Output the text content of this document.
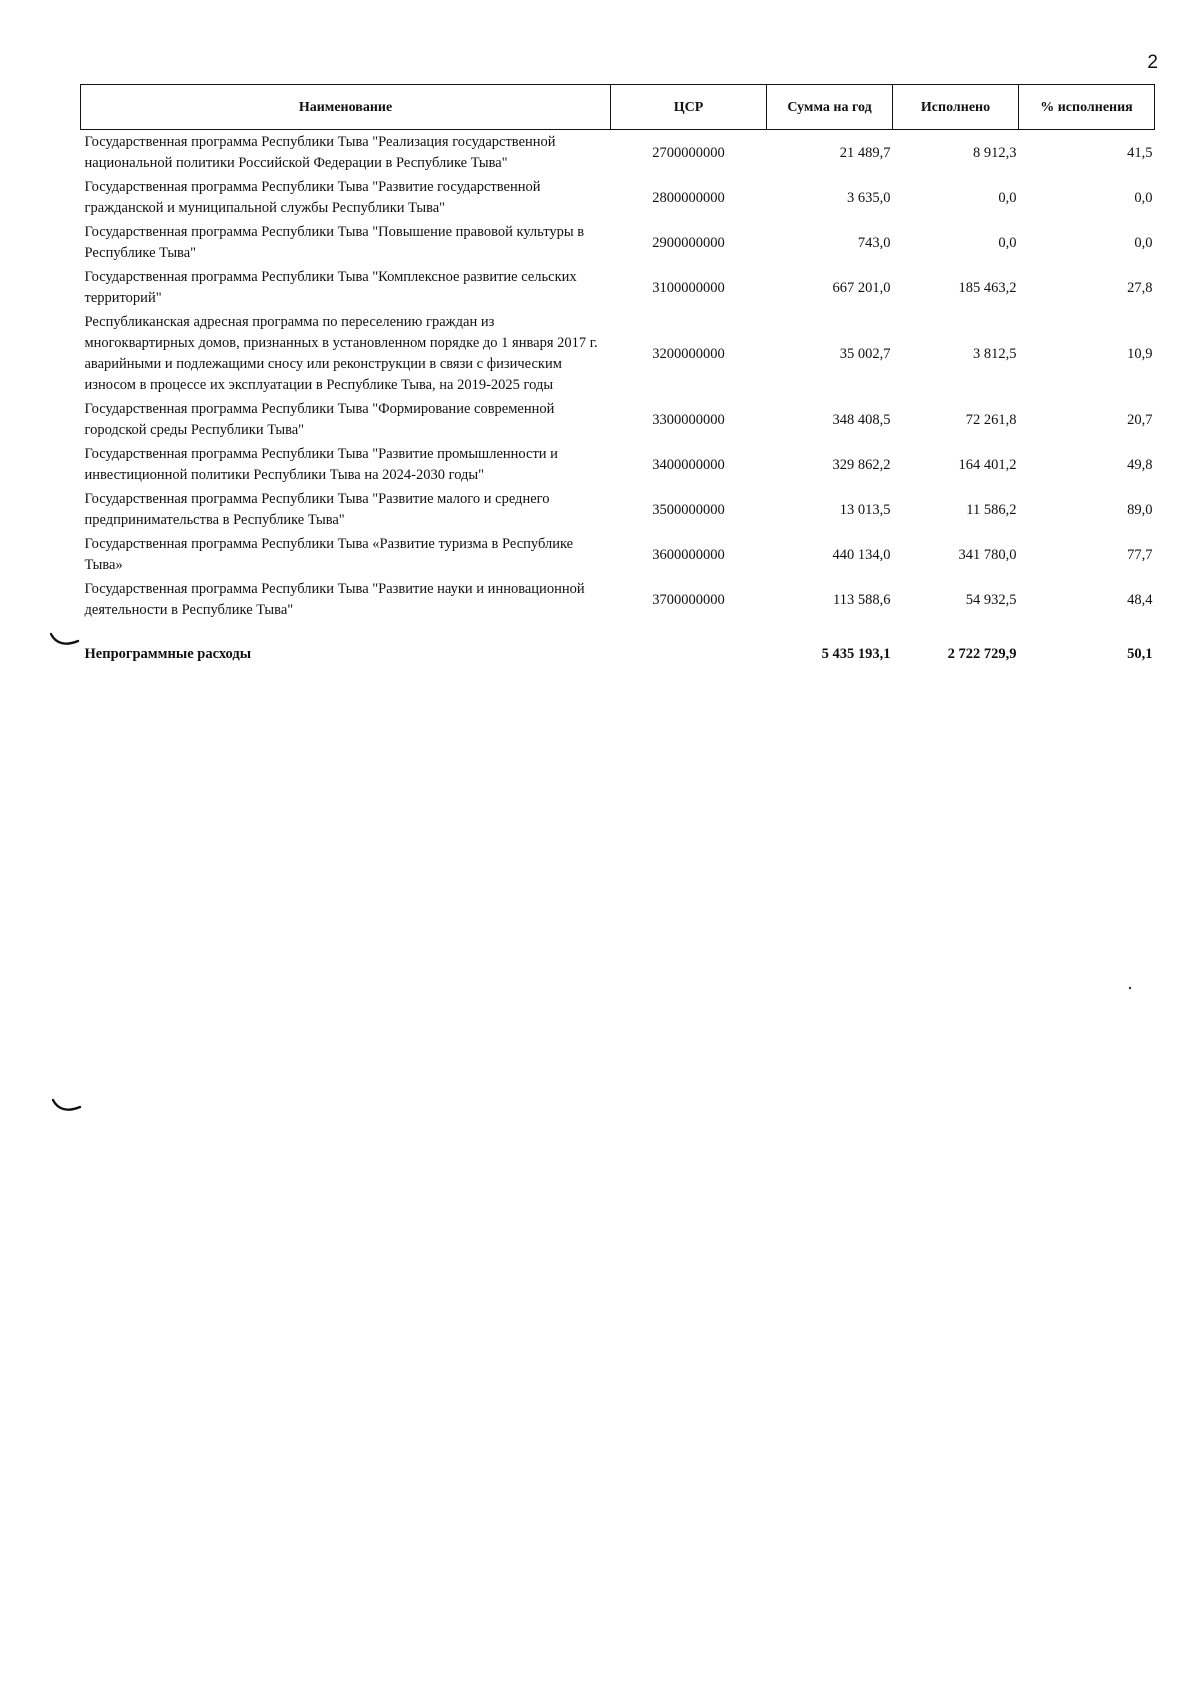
2
Наименование	ЦСР	Сумма на год	Исполнено	% исполнения
Государственная программа Республики Тыва "Реализация государственной национальной политики Российской Федерации в Республике Тыва"	2700000000	21 489,7	8 912,3	41,5
Государственная программа Республики Тыва "Развитие государственной гражданской и муниципальной службы Республики Тыва"	2800000000	3 635,0	0,0	0,0
Государственная программа Республики Тыва "Повышение правовой культуры в Республике Тыва"	2900000000	743,0	0,0	0,0
Государственная программа Республики Тыва "Комплексное развитие сельских территорий"	3100000000	667 201,0	185 463,2	27,8
Республиканская адресная программа по переселению граждан из многоквартирных домов, признанных в установленном порядке до 1 января 2017 г. аварийными и подлежащими сносу или реконструкции в связи с физическим износом в процессе их эксплуатации в Республике Тыва, на 2019-2025 годы	3200000000	35 002,7	3 812,5	10,9
Государственная программа Республики Тыва "Формирование современной городской среды Республики Тыва"	3300000000	348 408,5	72 261,8	20,7
Государственная программа Республики Тыва "Развитие промышленности и инвестиционной политики Республики Тыва на 2024-2030 годы"	3400000000	329 862,2	164 401,2	49,8
Государственная программа Республики Тыва "Развитие малого и среднего предпринимательства в Республике Тыва"	3500000000	13 013,5	11 586,2	89,0
Государственная программа Республики Тыва «Развитие туризма в Республике Тыва»	3600000000	440 134,0	341 780,0	77,7
Государственная программа Республики Тыва "Развитие науки и инновационной деятельности в Республике Тыва"	3700000000	113 588,6	54 932,5	48,4
Непрограммные расходы		5 435 193,1	2 722 729,9	50,1
